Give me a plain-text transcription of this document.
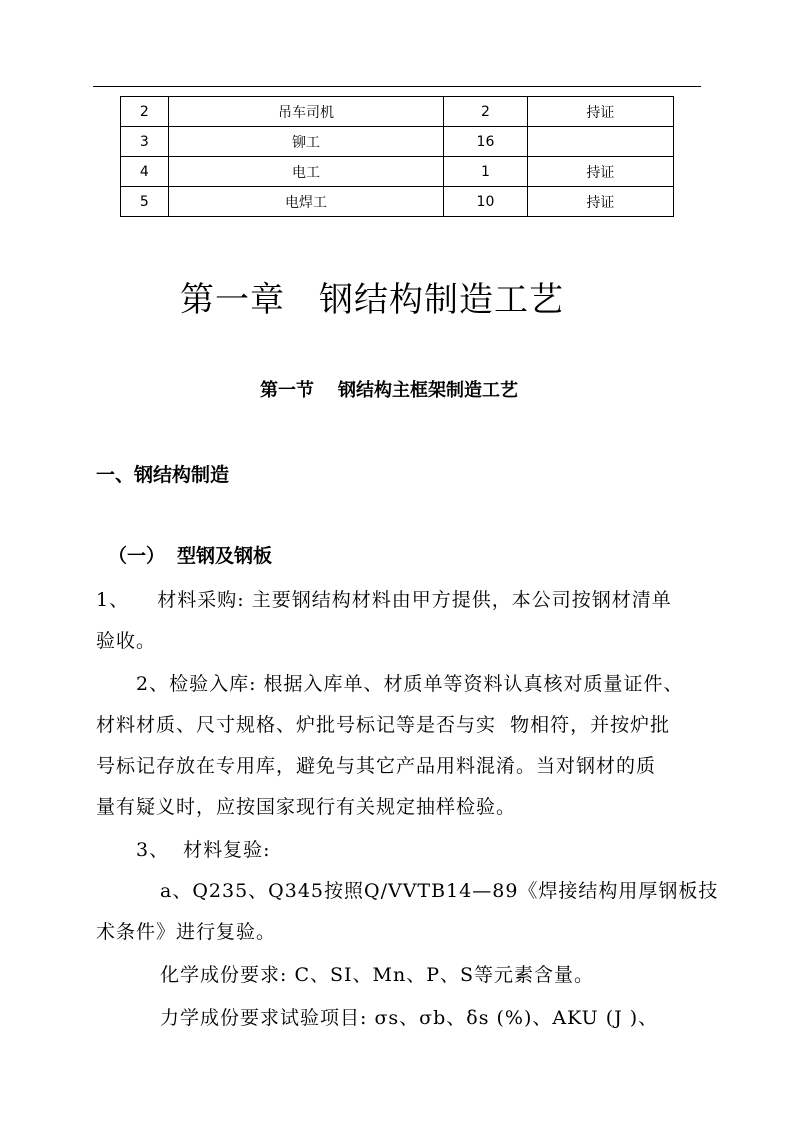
2	吊车司机	2	持证
3	铆工	16	
4	电工	1	持证
5	电焊工	10	持证
第一章 钢结构制造工艺
第一节 钢结构主框架制造工艺
一、钢结构制造
（一） 型钢及钢板
1、    材料采购: 主要钢结构材料由甲方提供，本公司按钢材清单
验收。
2、检验入库: 根据入库单、材质单等资料认真核对质量证件、
材料材质、尺寸规格、炉批号标记等是否与实  物相符，并按炉批
号标记存放在专用库，避免与其它产品用料混淆。当对钢材的质
量有疑义时，应按国家现行有关规定抽样检验。
3、  材料复验:
a、Q235、Q345按照Q/VVTB14—89《焊接结构用厚钢板技
术条件》进行复验。
化学成份要求: C、SI、Mn、P、S等元素含量。
力学成份要求试验项目: σs、σb、δs (%)、AKU (J )、
